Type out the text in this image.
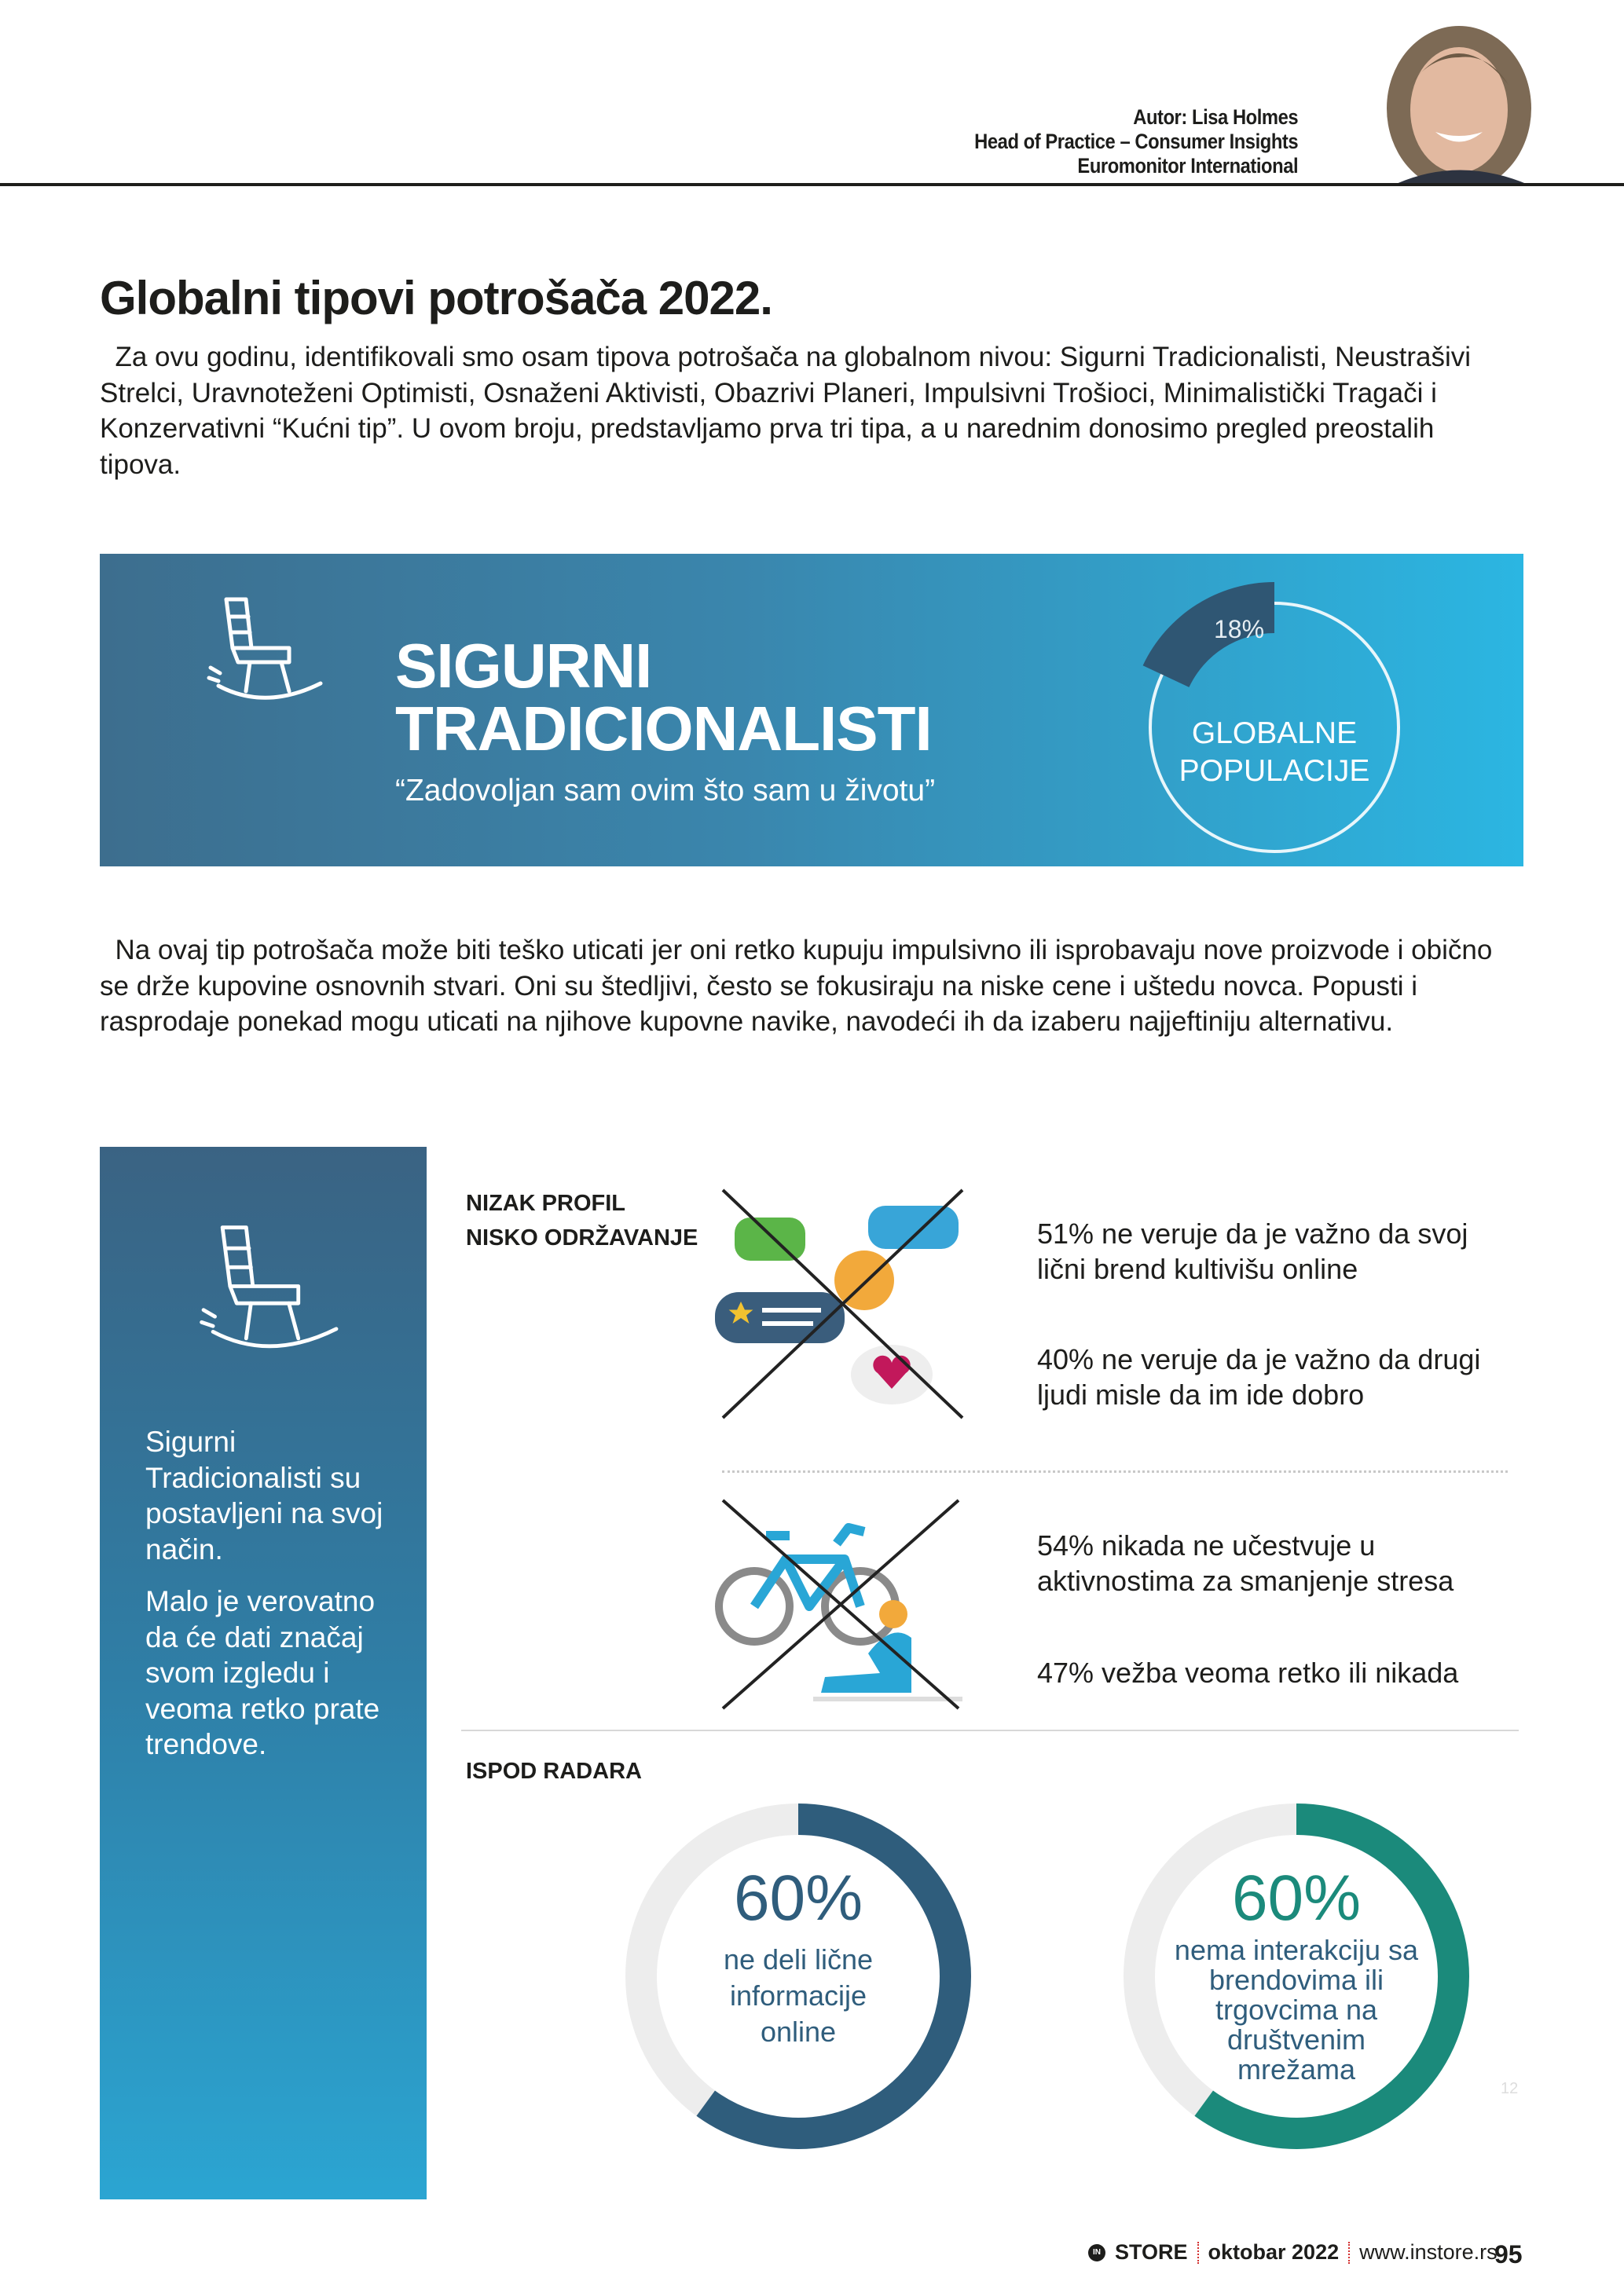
Autor: Lisa Holmes
Head of Practice – Consumer Insights
Euromonitor International
Globalni tipovi potrošača 2022.

Za ovu godinu, identifikovali smo osam tipova potrošača na globalnom nivou: Sigurni Tradicionalisti, Neustrašivi Strelci, Uravnoteženi Optimisti, Osnaženi Aktivisti, Obazrivi Planeri, Impulsivni Trošioci, Minimalistički Tragači i Konzervativni “Kućni tip”. U ovom broju, predstavljamo prva tri tipa, a u narednim donosimo pregled preostalih tipova.

SIGURNI
TRADICIONALISTI
“Zadovoljan sam ovim što sam u životu”
18%
GLOBALNE
POPULACIJE

Na ovaj tip potrošača može biti teško uticati jer oni retko kupuju impulsivno ili isprobavaju nove proizvode i obično se drže kupovine osnovnih stvari. Oni su štedljivi, često se fokusiraju na niske cene i uštedu novca. Popusti i rasprodaje ponekad mogu uticati na njihove kupovne navike, navodeći ih da izaberu najjeftiniju alternativu.

Sigurni Tradicionalisti su postavljeni na svoj način.

Malo je verovatno da će dati značaj svom izgledu i veoma retko prate trendove.

NIZAK PROFIL
NISKO ODRŽAVANJE	51% ne veruje da je važno da svoj lični brend kultivišu online

40% ne veruje da je važno da drugi ljudi misle da im ide dobro

54% nikada ne učestvuje u aktivnostima za smanjenje stresa

47% vežba veoma retko ili nikada

ISPOD RADARA
60%
ne deli lične informacije online
60%
nema interakciju sa brendovima ili trgovcima na društvenim mrežama
12
IN STORE oktobar 2022 www.instore.rs
95
